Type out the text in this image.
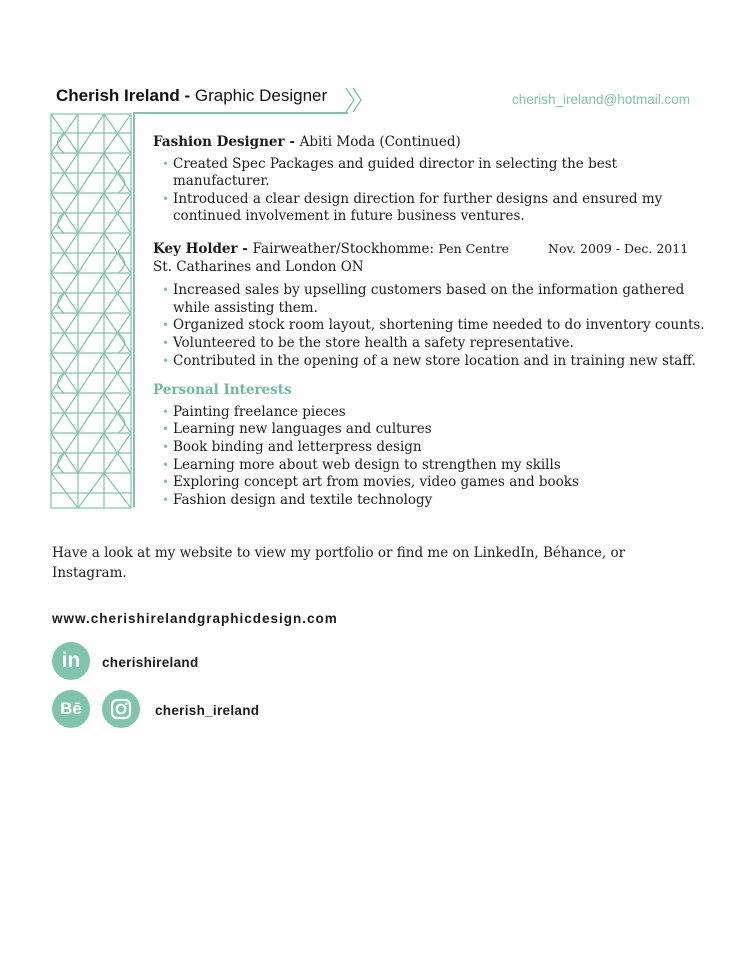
Cherish Ireland - Graphic Designer	cherish_ireland@hotmail.com
Fashion Designer - Abiti Moda (Continued)
• Created Spec Packages and guided director in selecting the best manufacturer.
• Introduced a clear design direction for further designs and ensured my continued involvement in future business ventures.
Key Holder - Fairweather/Stockhomme: Pen Centre	Nov. 2009 - Dec. 2011
St. Catharines and London ON
• Increased sales by upselling customers based on the information gathered while assisting them.
• Organized stock room layout, shortening time needed to do inventory counts.
• Volunteered to be the store health a safety representative.
• Contributed in the opening of a new store location and in training new staff.
Personal Interests
• Painting freelance pieces
• Learning new languages and cultures
• Book binding and letterpress design
• Learning more about web design to strengthen my skills
• Exploring concept art from movies, video games and books
• Fashion design and textile technology
Have a look at my website to view my portfolio or find me on LinkedIn, Béhance, or Instagram.
www.cherishirelandgraphicdesign.com
in	cherishireland
Bē	cherish_ireland
